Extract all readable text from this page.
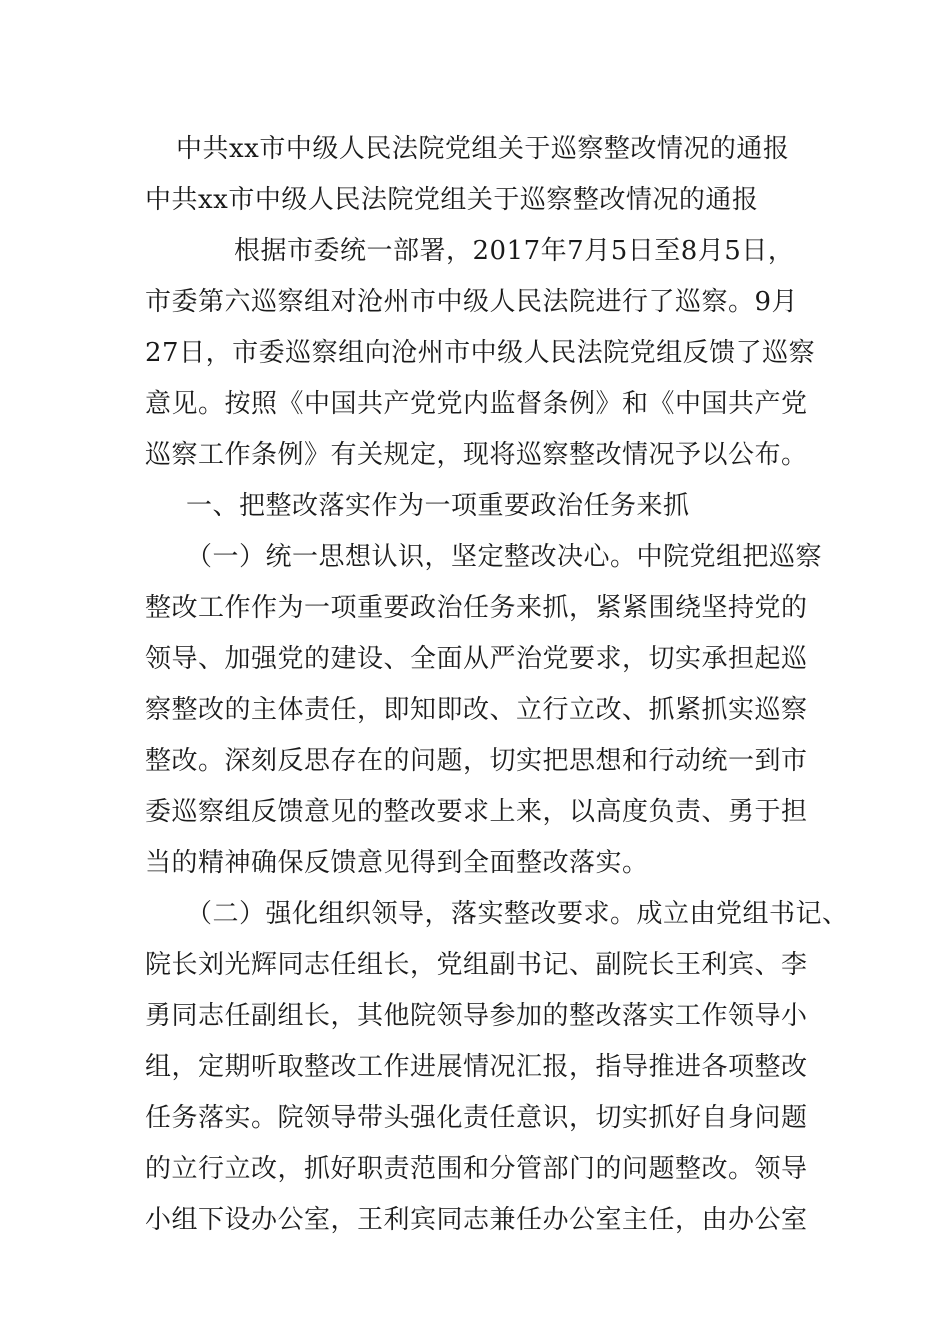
中共xx市中级人民法院党组关于巡察整改情况的通报
中共xx市中级人民法院党组关于巡察整改情况的通报
根据市委统一部署，2017年7月5日至8月5日，
市委第六巡察组对沧州市中级人民法院进行了巡察。9月
27日，市委巡察组向沧州市中级人民法院党组反馈了巡察
意见。按照《中国共产党党内监督条例》和《中国共产党
巡察工作条例》有关规定，现将巡察整改情况予以公布。
一、把整改落实作为一项重要政治任务来抓
（一）统一思想认识，坚定整改决心。中院党组把巡察
整改工作作为一项重要政治任务来抓，紧紧围绕坚持党的
领导、加强党的建设、全面从严治党要求，切实承担起巡
察整改的主体责任，即知即改、立行立改、抓紧抓实巡察
整改。深刻反思存在的问题，切实把思想和行动统一到市
委巡察组反馈意见的整改要求上来，以高度负责、勇于担
当的精神确保反馈意见得到全面整改落实。
（二）强化组织领导，落实整改要求。成立由党组书记、
院长刘光辉同志任组长，党组副书记、副院长王利宾、李
勇同志任副组长，其他院领导参加的整改落实工作领导小
组，定期听取整改工作进展情况汇报，指导推进各项整改
任务落实。院领导带头强化责任意识，切实抓好自身问题
的立行立改，抓好职责范围和分管部门的问题整改。领导
小组下设办公室，王利宾同志兼任办公室主任，由办公室
